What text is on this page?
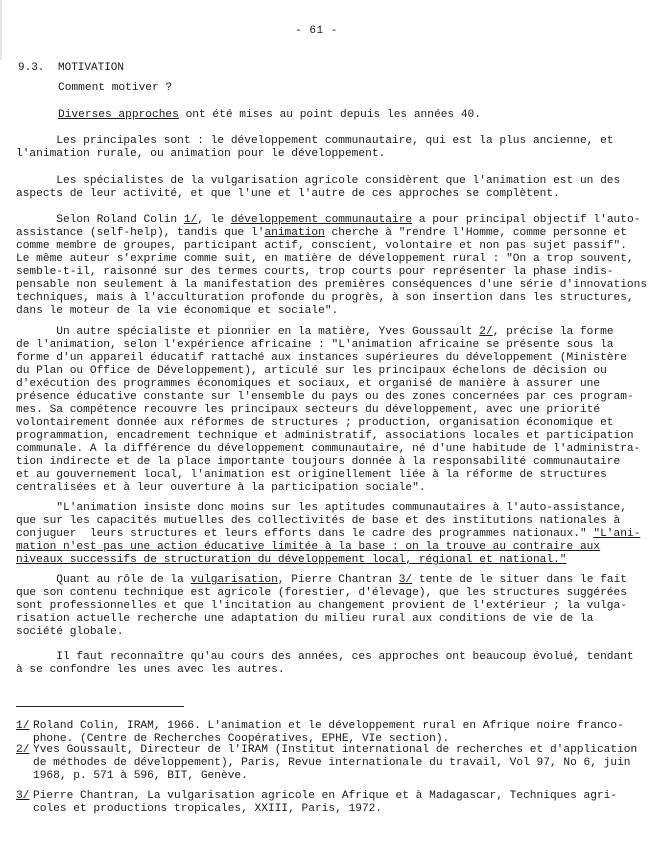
- 61 -
9.3. MOTIVATION
Comment motiver ?
Diverses approches ont été mises au point depuis les années 40.
Les principales sont : le développement communautaire, qui est la plus ancienne, et
l'animation rurale, ou animation pour le développement.
Les spécialistes de la vulgarisation agricole considèrent que l'animation est un des
aspects de leur activité, et que l'une et l'autre de ces approches se complètent.
Selon Roland Colin 1/, le développement communautaire a pour principal objectif l'auto-
assistance (self-help), tandis que l'animation cherche à "rendre l'Homme, comme personne et
comme membre de groupes, participant actif, conscient, volontaire et non pas sujet passif".
Le même auteur s'exprime comme suit, en matière de développement rural : "On a trop souvent,
semble-t-il, raisonné sur des termes courts, trop courts pour représenter la phase indis-
pensable non seulement à la manifestation des premières conséquences d'une série d'innovations
techniques, mais à l'acculturation profonde du progrès, à son insertion dans les structures,
dans le moteur de la vie économique et sociale".
Un autre spécialiste et pionnier en la matière, Yves Goussault 2/, précise la forme
de l'animation, selon l'expérience africaine : "L'animation africaine se présente sous la
forme d'un appareil éducatif rattaché aux instances supérieures du développement (Ministère
du Plan ou Office de Développement), articulé sur les principaux échelons de décision ou
d'exécution des programmes économiques et sociaux, et organisé de manière à assurer une
présence éducative constante sur l'ensemble du pays ou des zones concernées par ces program-
mes. Sa compétence recouvre les principaux secteurs du développement, avec une priorité
volontairement donnée aux réformes de structures ; production, organisation économique et
programmation, encadrement technique et administratif, associations locales et participation
communale. A la différence du développement communautaire, né d'une habitude de l'administra-
tion indirecte et de la place importante toujours donnée à la responsabilité communautaire
et au gouvernement local, l'animation est originellement liée à la réforme de structures
centralisées et à leur ouverture à la participation sociale".
"L'animation insiste donc moins sur les aptitudes communautaires à l'auto-assistance,
que sur les capacités mutuelles des collectivités de base et des institutions nationales à
conjuguer  leurs structures et leurs efforts dans le cadre des programmes nationaux." "L'ani-
mation n'est pas une action éducative limitée à la base : on la trouve au contraire aux
niveaux successifs de structuration du développement local, régional et national."
Quant au rôle de la vulgarisation, Pierre Chantran 3/ tente de le situer dans le fait
que son contenu technique est agricole (forestier, d'élevage), que les structures suggérées
sont professionnelles et que l'incitation au changement provient de l'extérieur ; la vulga-
risation actuelle recherche une adaptation du milieu rural aux conditions de vie de la
société globale.
Il faut reconnaître qu'au cours des années, ces approches ont beaucoup évolué, tendant
à se confondre les unes avec les autres.
1/ Roland Colin, IRAM, 1966. L'animation et le développement rural en Afrique noire franco-
phone. (Centre de Recherches Coopératives, EPHE, VIe section).
2/ Yves Goussault, Directeur de l'IRAM (Institut international de recherches et d'application
de méthodes de développement), Paris, Revue internationale du travail, Vol 97, No 6, juin
1968, p. 571 à 596, BIT, Genève.
3/ Pierre Chantran, La vulgarisation agricole en Afrique et à Madagascar, Techniques agri-
coles et productions tropicales, XXIII, Paris, 1972.
